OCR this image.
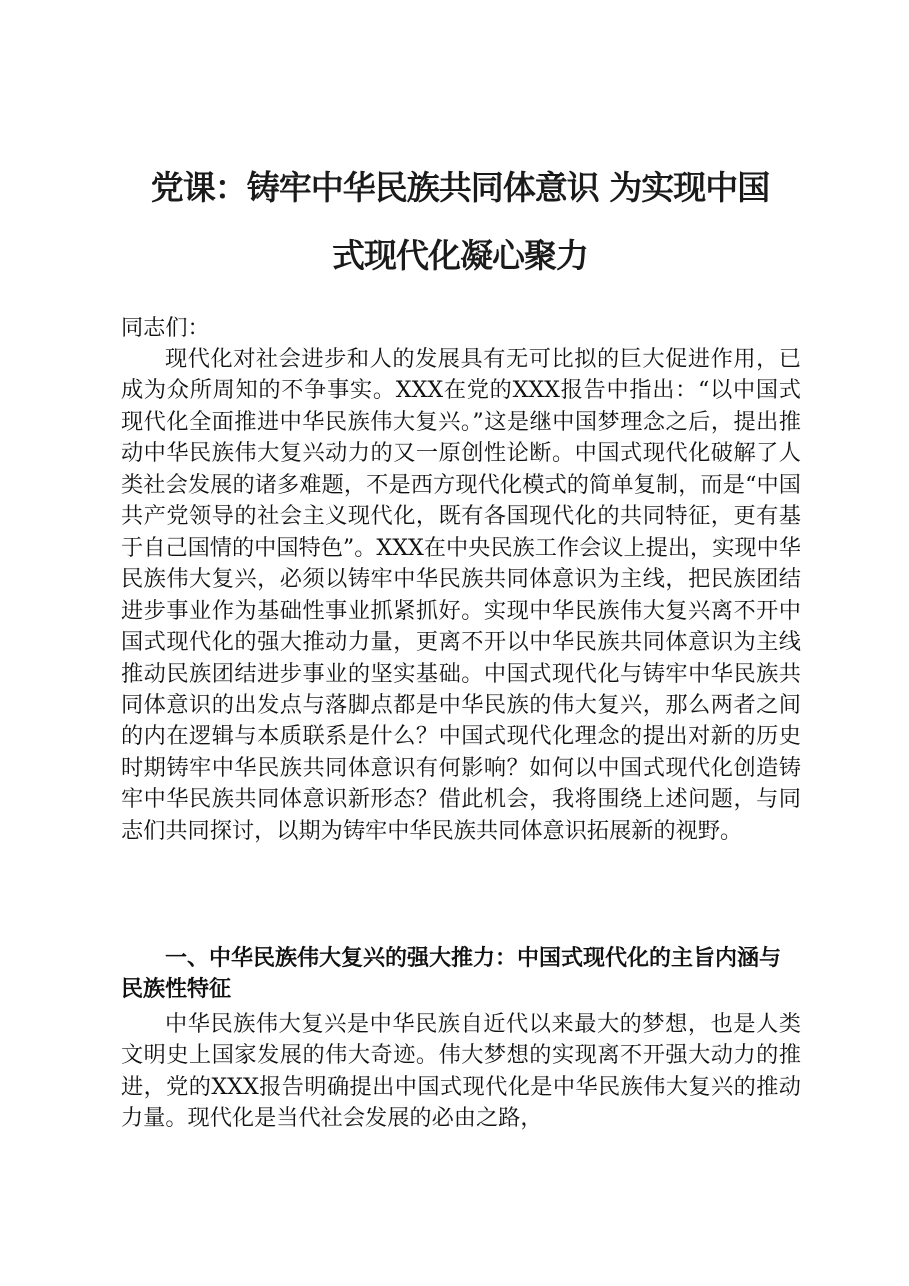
党课：铸牢中华民族共同体意识 为实现中国
式现代化凝心聚力

同志们：

现代化对社会进步和人的发展具有无可比拟的巨大促进作用，已成为众所周知的不争事实。XXX在党的XXX报告中指出：“以中国式现代化全面推进中华民族伟大复兴。”这是继中国梦理念之后，提出推动中华民族伟大复兴动力的又一原创性论断。中国式现代化破解了人类社会发展的诸多难题，不是西方现代化模式的简单复制，而是“中国共产党领导的社会主义现代化，既有各国现代化的共同特征，更有基于自己国情的中国特色”。XXX在中央民族工作会议上提出，实现中华民族伟大复兴，必须以铸牢中华民族共同体意识为主线，把民族团结进步事业作为基础性事业抓紧抓好。实现中华民族伟大复兴离不开中国式现代化的强大推动力量，更离不开以中华民族共同体意识为主线推动民族团结进步事业的坚实基础。中国式现代化与铸牢中华民族共同体意识的出发点与落脚点都是中华民族的伟大复兴，那么两者之间的内在逻辑与本质联系是什么？中国式现代化理念的提出对新的历史时期铸牢中华民族共同体意识有何影响？如何以中国式现代化创造铸牢中华民族共同体意识新形态？借此机会，我将围绕上述问题，与同志们共同探讨，以期为铸牢中华民族共同体意识拓展新的视野。

一、中华民族伟大复兴的强大推力：中国式现代化的主旨内涵与民族性特征

中华民族伟大复兴是中华民族自近代以来最大的梦想，也是人类文明史上国家发展的伟大奇迹。伟大梦想的实现离不开强大动力的推进，党的XXX报告明确提出中国式现代化是中华民族伟大复兴的推动力量。现代化是当代社会发展的必由之路，
